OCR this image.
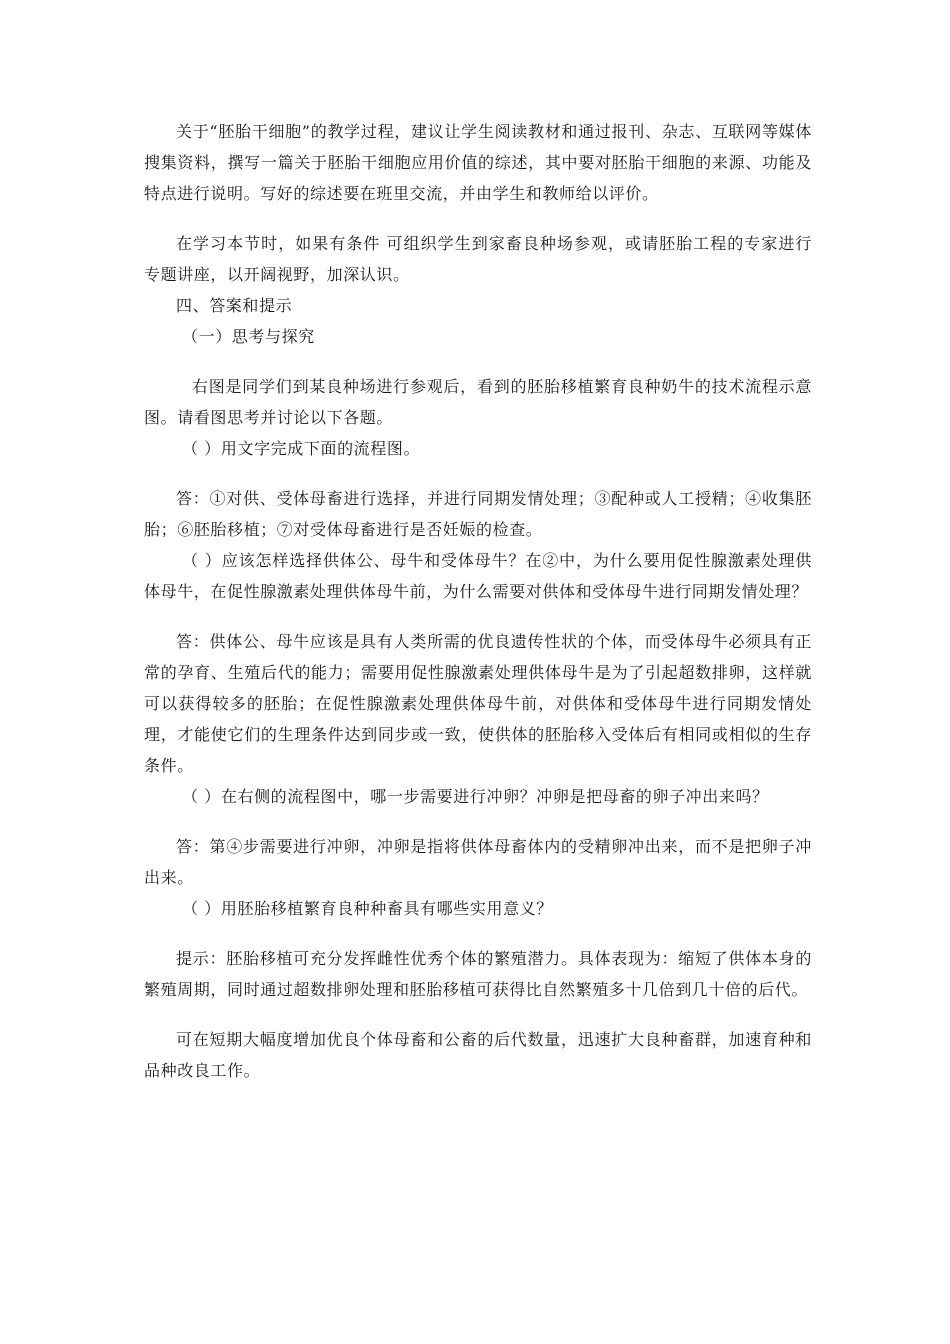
关于“胚胎干细胞”的教学过程，建议让学生阅读教材和通过报刊、杂志、互联网等媒体搜集资料，撰写一篇关于胚胎干细胞应用价值的综述，其中要对胚胎干细胞的来源、功能及特点进行说明。写好的综述要在班里交流，并由学生和教师给以评价。

在学习本节时，如果有条件 可组织学生到家畜良种场参观，或请胚胎工程的专家进行专题讲座，以开阔视野，加深认识。

四、答案和提示

（一）思考与探究

右图是同学们到某良种场进行参观后，看到的胚胎移植繁育良种奶牛的技术流程示意图。请看图思考并讨论以下各题。

（ ）用文字完成下面的流程图。

答：①对供、受体母畜进行选择，并进行同期发情处理；③配种或人工授精；④收集胚胎；⑥胚胎移植；⑦对受体母畜进行是否妊娠的检查。

（ ）应该怎样选择供体公、母牛和受体母牛？在②中，为什么要用促性腺激素处理供体母牛，在促性腺激素处理供体母牛前，为什么需要对供体和受体母牛进行同期发情处理？

答：供体公、母牛应该是具有人类所需的优良遗传性状的个体，而受体母牛必须具有正常的孕育、生殖后代的能力；需要用促性腺激素处理供体母牛是为了引起超数排卵，这样就可以获得较多的胚胎；在促性腺激素处理供体母牛前，对供体和受体母牛进行同期发情处理，才能使它们的生理条件达到同步或一致，使供体的胚胎移入受体后有相同或相似的生存条件。

（ ）在右侧的流程图中，哪一步需要进行冲卵？冲卵是把母畜的卵子冲出来吗？

答：第④步需要进行冲卵，冲卵是指将供体母畜体内的受精卵冲出来，而不是把卵子冲出来。

（ ）用胚胎移植繁育良种种畜具有哪些实用意义？

提示：胚胎移植可充分发挥雌性优秀个体的繁殖潜力。具体表现为：缩短了供体本身的繁殖周期，同时通过超数排卵处理和胚胎移植可获得比自然繁殖多十几倍到几十倍的后代。

可在短期大幅度增加优良个体母畜和公畜的后代数量，迅速扩大良种畜群，加速育种和品种改良工作。
